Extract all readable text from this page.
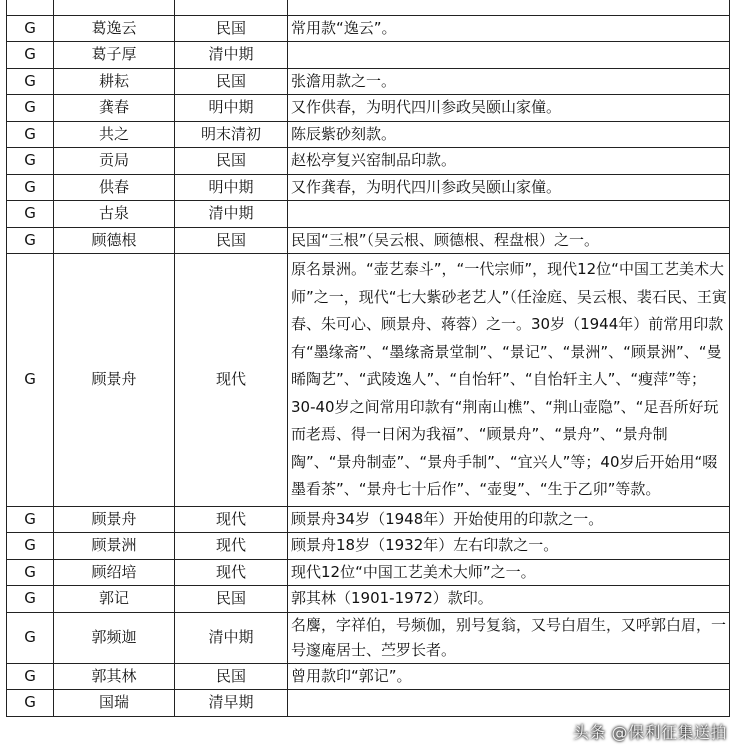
G	葛逸云	民国	常用款“逸云”。
G	葛子厚	清中期	
G	耕耘	民国	张澹用款之一。
G	龚春	明中期	又作供春，为明代四川参政吴颐山家僮。
G	共之	明末清初	陈辰紫砂刻款。
G	贡局	民国	赵松亭复兴窑制品印款。
G	供春	明中期	又作龚春，为明代四川参政吴颐山家僮。
G	古泉	清中期	
G	顾德根	民国	民国“三根”（吴云根、顾德根、程盘根）之一。
G	顾景舟	现代	原名景洲。“壶艺泰斗”，“一代宗师”，现代12位“中国工艺美术大师”之一，现代“七大紫砂老艺人”（任淦庭、吴云根、裴石民、王寅春、朱可心、顾景舟、蒋蓉）之一。30岁（1944年）前常用印款有“墨缘斋”、“墨缘斋景堂制”、“景记”、“景洲”、“顾景洲”、“曼晞陶艺”、“武陵逸人”、“自怡轩”、“自怡轩主人”、“瘦萍”等；30-40岁之间常用印款有“荆南山樵”、“荆山壶隐”、“足吾所好玩而老焉、得一日闲为我福”、“顾景舟”、“景舟”、“景舟制陶”、“景舟制壶”、“景舟手制”、“宜兴人”等；40岁后开始用“啜墨看茶”、“景舟七十后作”、“壶叟”、“生于乙卯”等款。
G	顾景舟	现代	顾景舟34岁（1948年）开始使用的印款之一。
G	顾景洲	现代	顾景舟18岁（1932年）左右印款之一。
G	顾绍培	现代	现代12位“中国工艺美术大师”之一。
G	郭记	民国	郭其林（1901-1972）款印。
G	郭频迦	清中期	名麐，字祥伯，号频伽，别号复翁，又号白眉生，又呼郭白眉，一号邃庵居士、苎罗长者。
G	郭其林	民国	曾用款印“郭记”。
G	国瑞	清早期	
头条 @保利征集送拍
